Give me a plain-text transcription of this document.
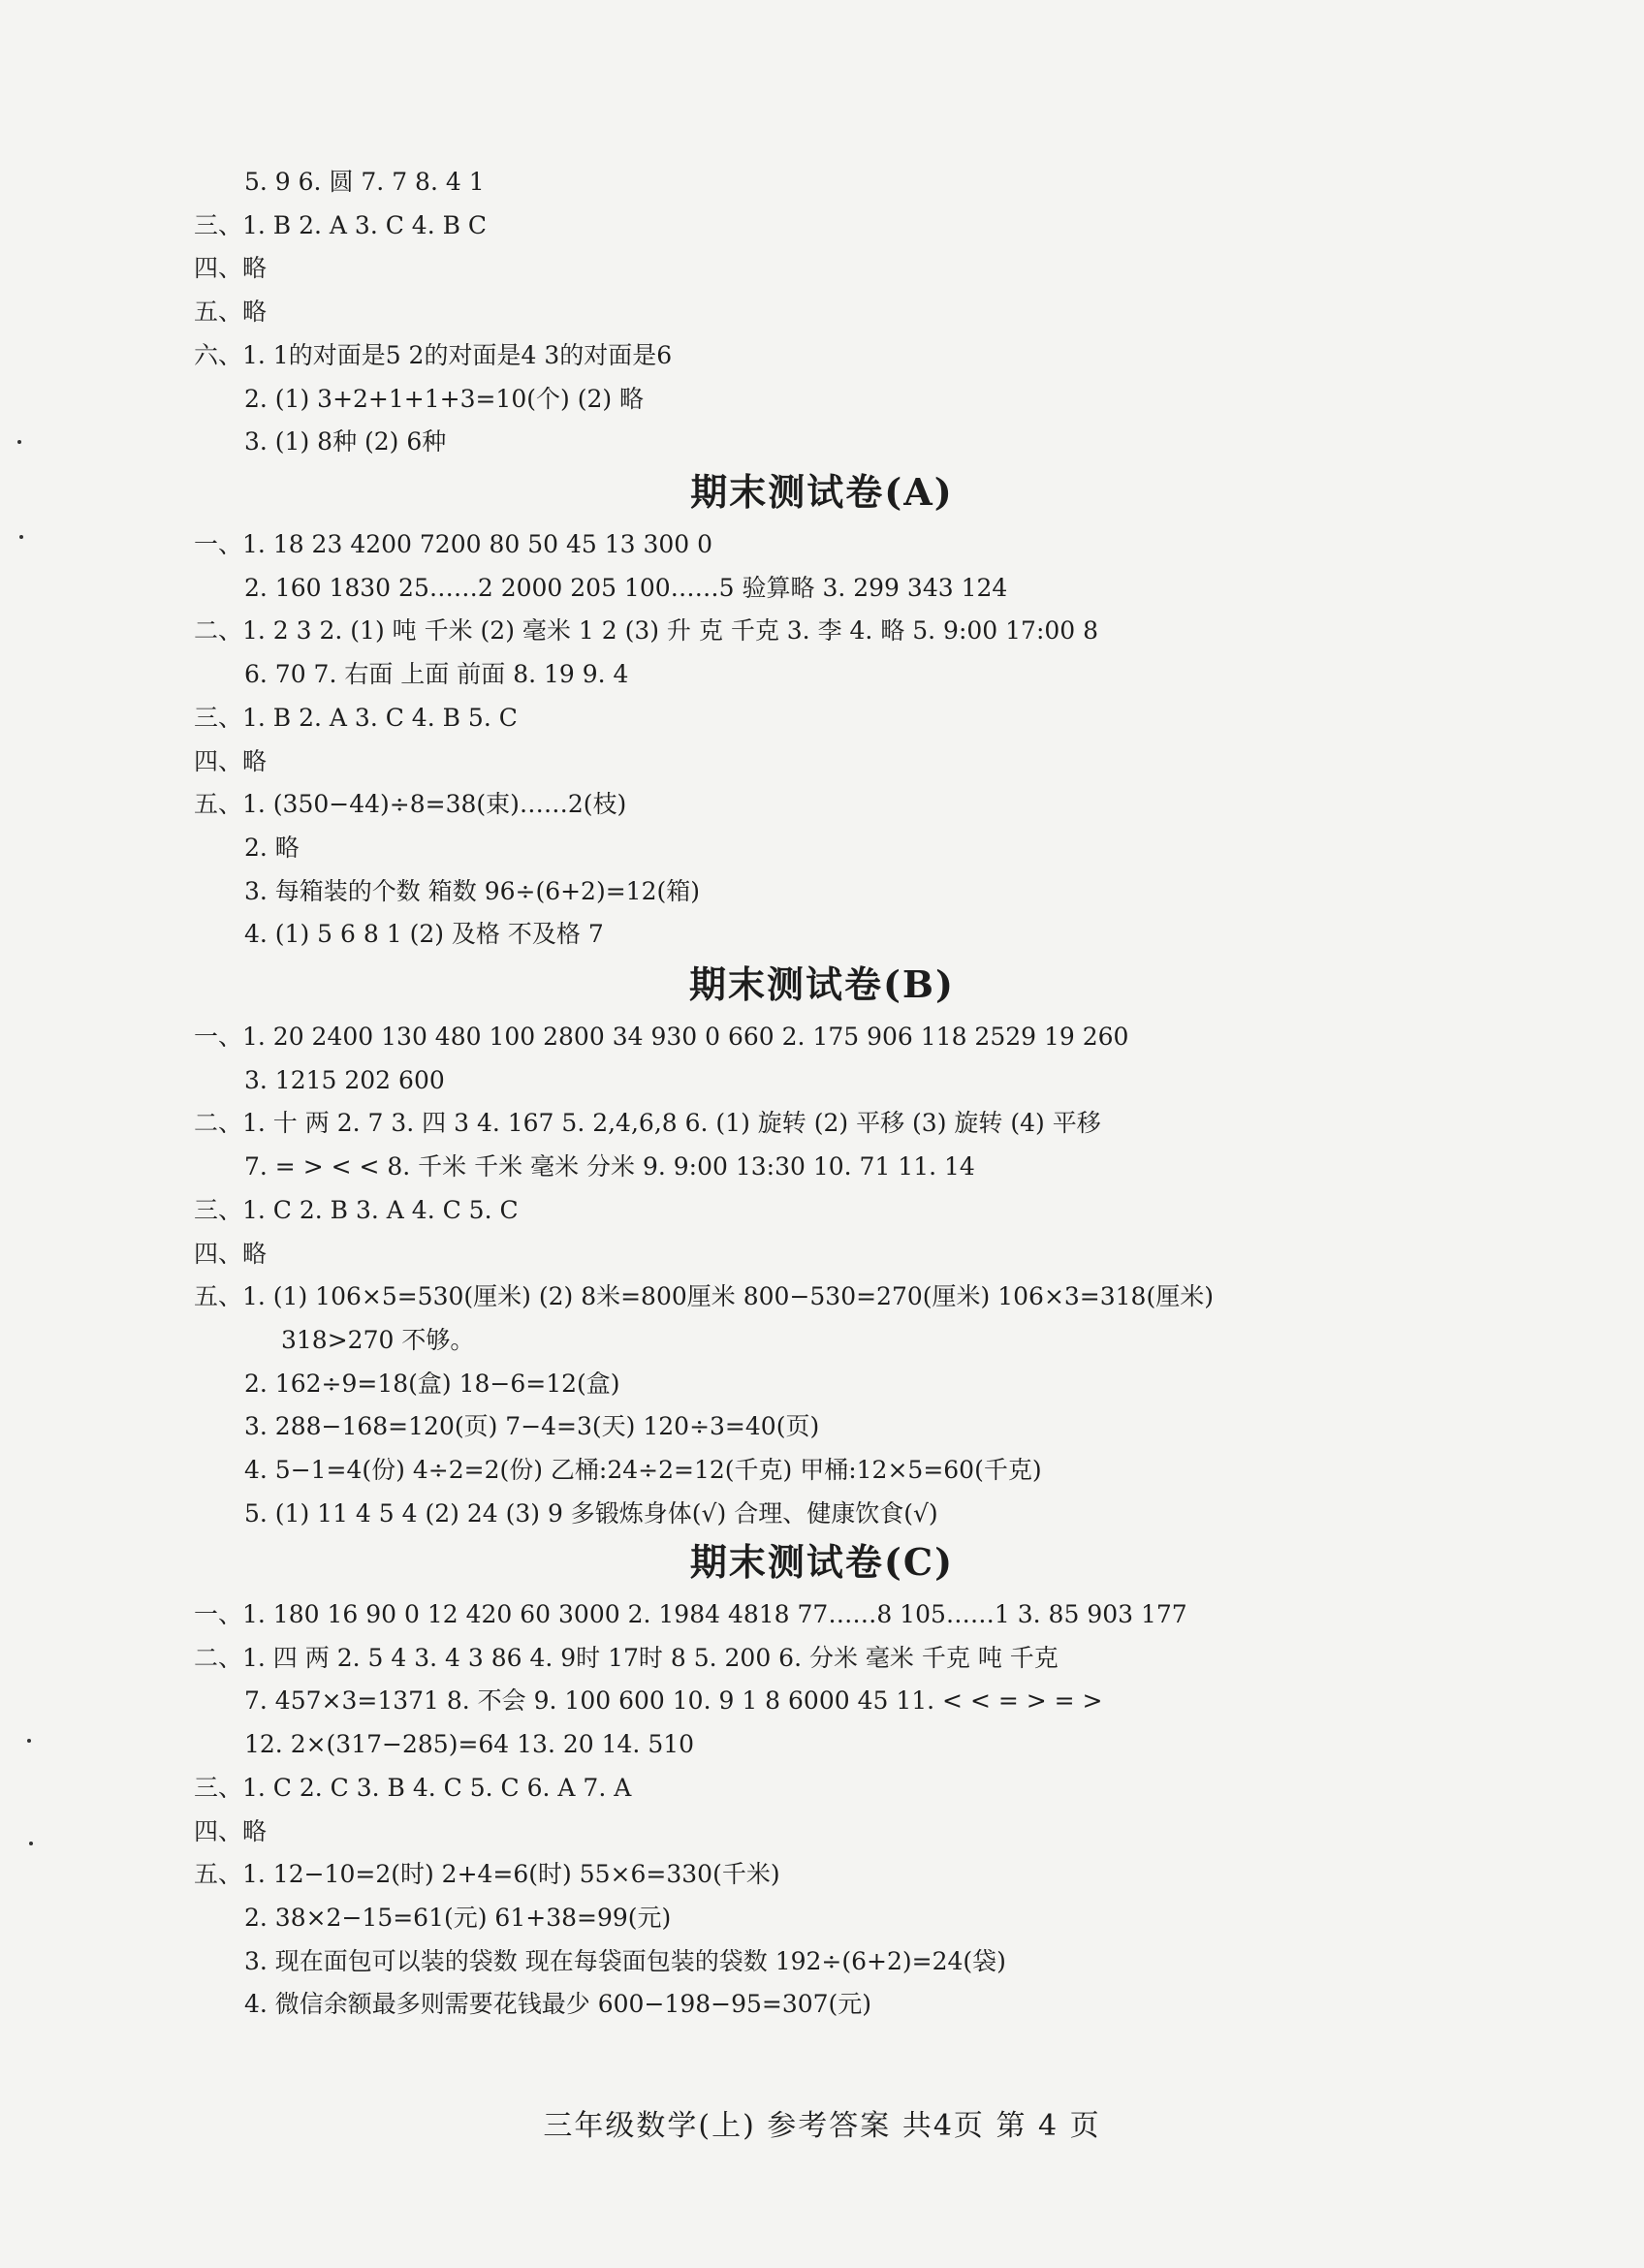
5. 9 6. 圆 7. 7 8. 4 1
三、1. B 2. A 3. C 4. B C
四、略
五、略
六、1. 1的对面是5 2的对面是4 3的对面是6
2. (1) 3+2+1+1+3=10(个) (2) 略
3. (1) 8种 (2) 6种
期末测试卷(A)
一、1. 18 23 4200 7200 80 50 45 13 300 0
2. 160 1830 25……2 2000 205 100……5 验算略 3. 299 343 124
二、1. 2 3 2. (1) 吨 千米 (2) 毫米 1 2 (3) 升 克 千克 3. 李 4. 略 5. 9:00 17:00 8
6. 70 7. 右面 上面 前面 8. 19 9. 4
三、1. B 2. A 3. C 4. B 5. C
四、略
五、1. (350−44)÷8=38(束)……2(枝)
2. 略
3. 每箱装的个数 箱数 96÷(6+2)=12(箱)
4. (1) 5 6 8 1 (2) 及格 不及格 7
期末测试卷(B)
一、1. 20 2400 130 480 100 2800 34 930 0 660 2. 175 906 118 2529 19 260
3. 1215 202 600
二、1. 十 两 2. 7 3. 四 3 4. 167 5. 2,4,6,8 6. (1) 旋转 (2) 平移 (3) 旋转 (4) 平移
7. = > < < 8. 千米 千米 毫米 分米 9. 9:00 13:30 10. 71 11. 14
三、1. C 2. B 3. A 4. C 5. C
四、略
五、1. (1) 106×5=530(厘米) (2) 8米=800厘米 800−530=270(厘米) 106×3=318(厘米)
318>270 不够。
2. 162÷9=18(盒) 18−6=12(盒)
3. 288−168=120(页) 7−4=3(天) 120÷3=40(页)
4. 5−1=4(份) 4÷2=2(份) 乙桶:24÷2=12(千克) 甲桶:12×5=60(千克)
5. (1) 11 4 5 4 (2) 24 (3) 9 多锻炼身体(√) 合理、健康饮食(√)
期末测试卷(C)
一、1. 180 16 90 0 12 420 60 3000 2. 1984 4818 77……8 105……1 3. 85 903 177
二、1. 四 两 2. 5 4 3. 4 3 86 4. 9时 17时 8 5. 200 6. 分米 毫米 千克 吨 千克
7. 457×3=1371 8. 不会 9. 100 600 10. 9 1 8 6000 45 11. < < = > = >
12. 2×(317−285)=64 13. 20 14. 510
三、1. C 2. C 3. B 4. C 5. C 6. A 7. A
四、略
五、1. 12−10=2(时) 2+4=6(时) 55×6=330(千米)
2. 38×2−15=61(元) 61+38=99(元)
3. 现在面包可以装的袋数 现在每袋面包装的袋数 192÷(6+2)=24(袋)
4. 微信余额最多则需要花钱最少 600−198−95=307(元)
三年级数学(上) 参考答案 共4页 第 4 页
